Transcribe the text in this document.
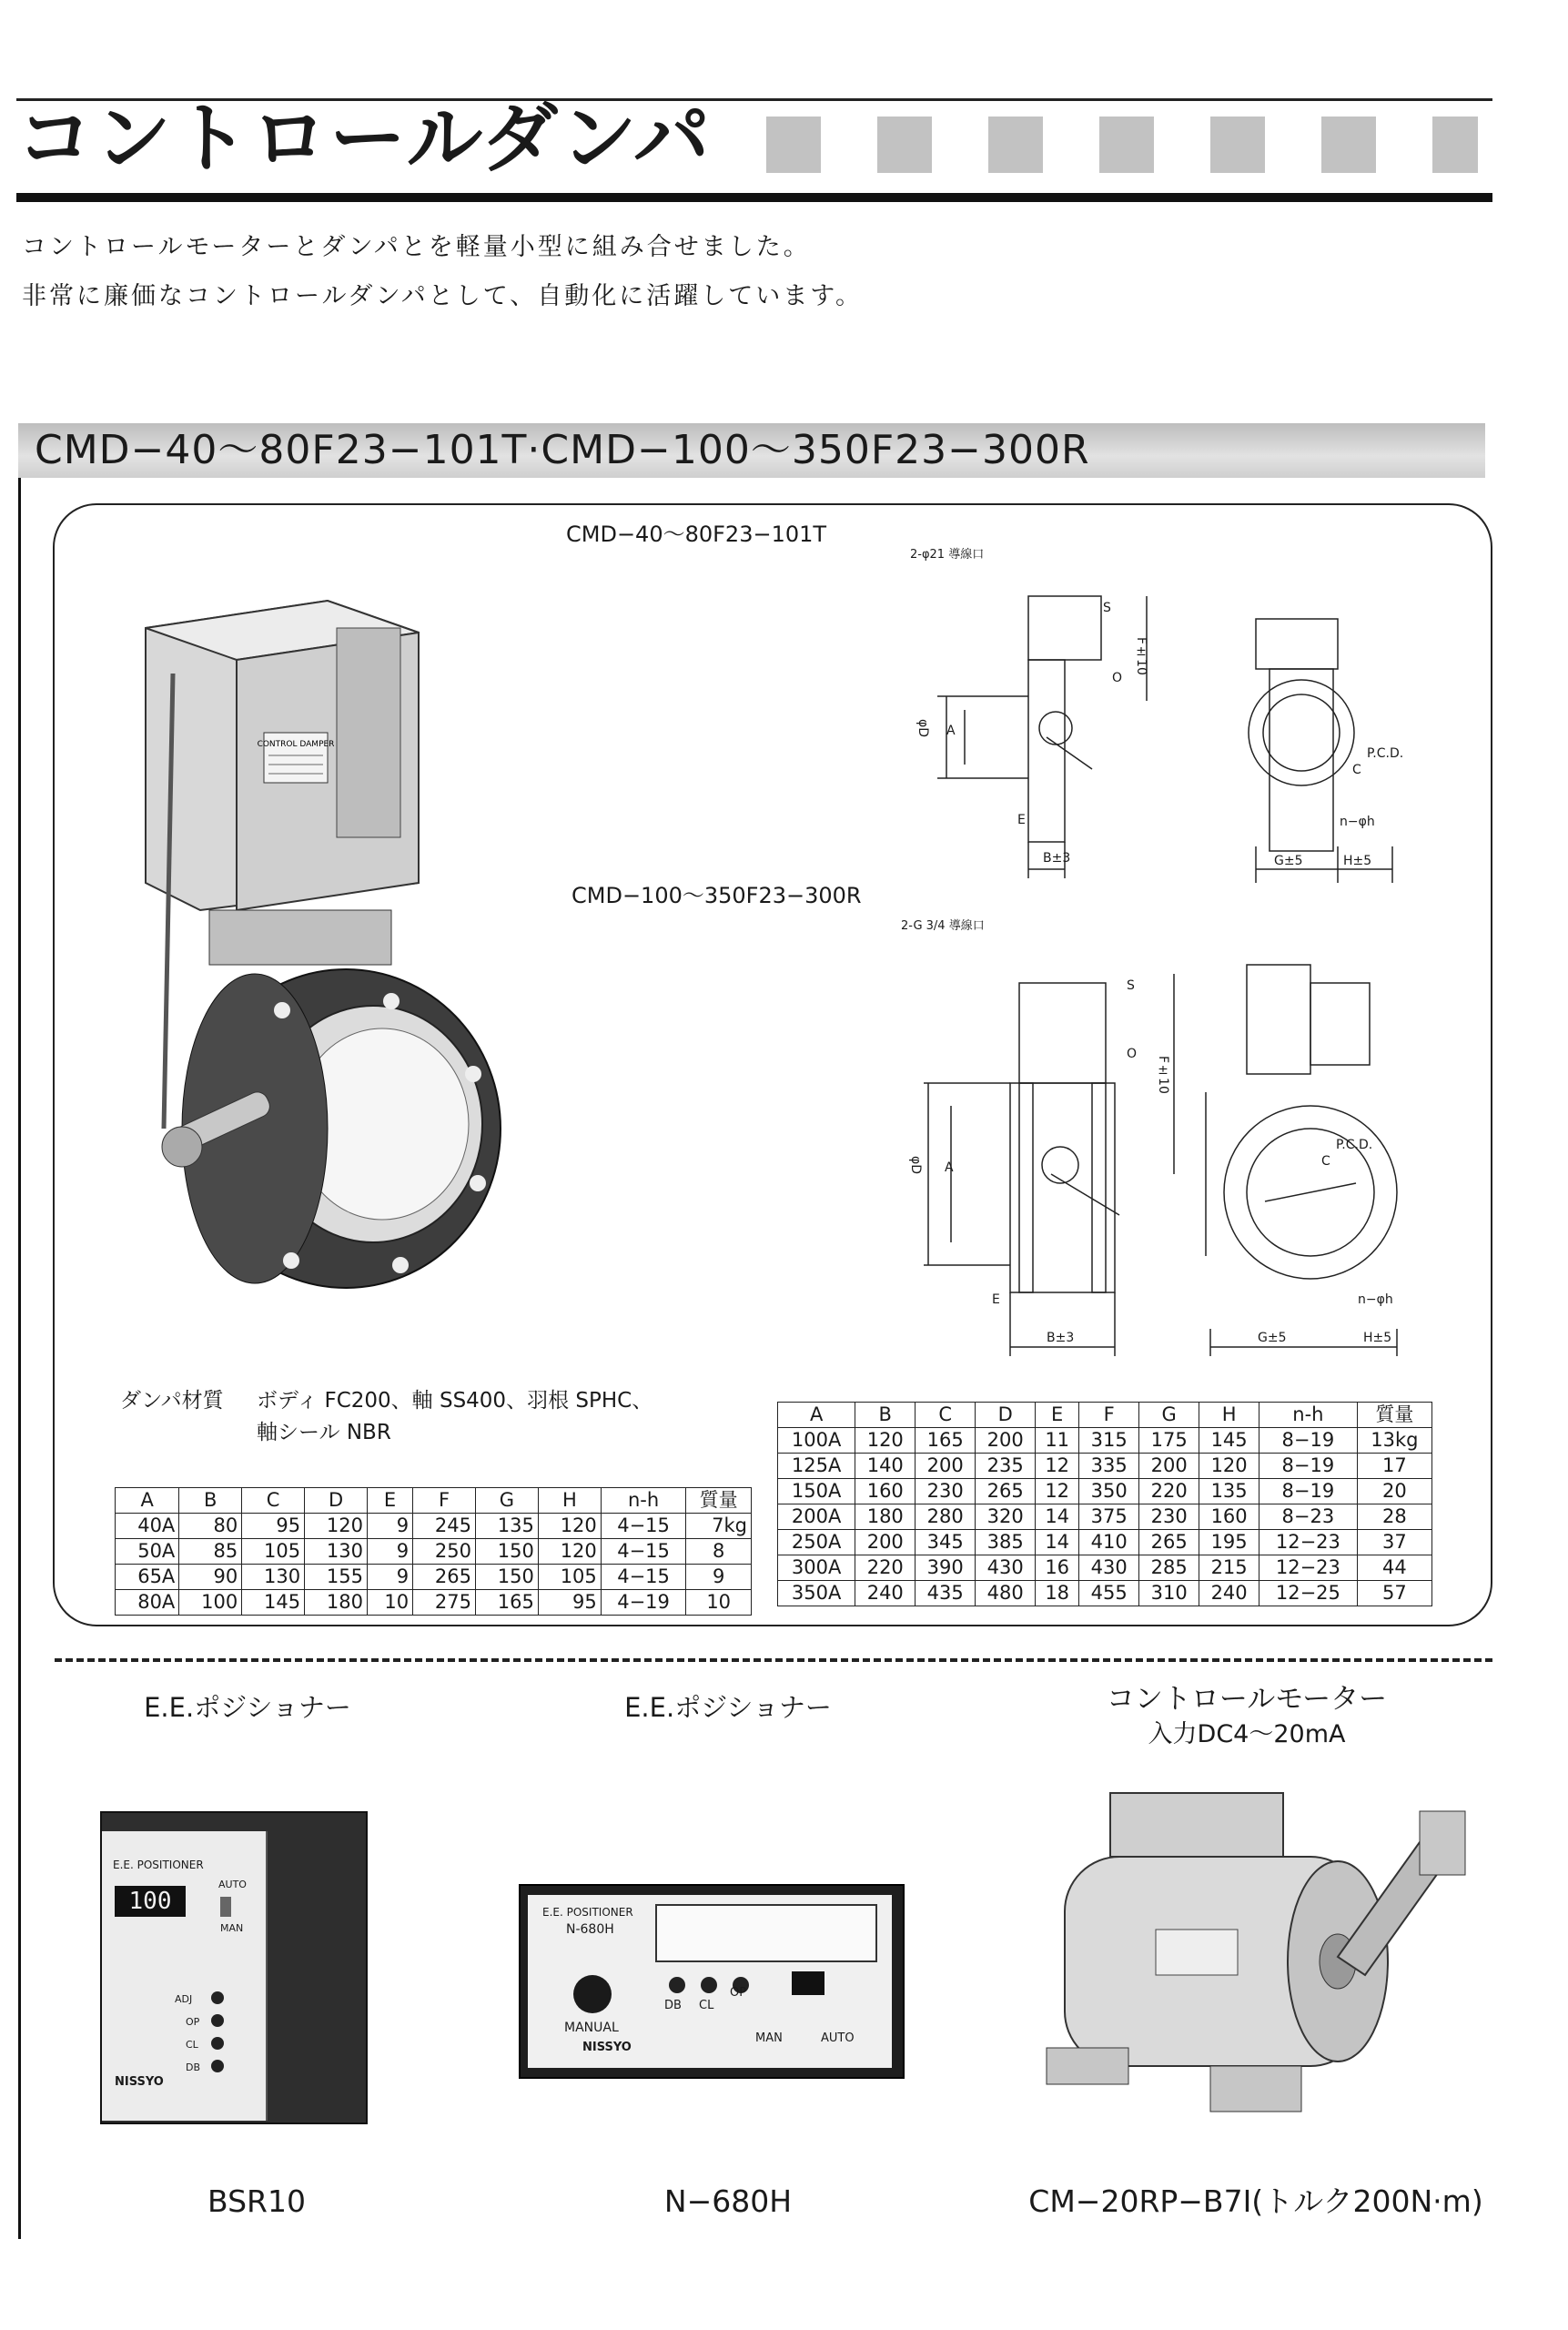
コントロールダンパ
コントロールモーターとダンパとを軽量小型に組み合せました。
非常に廉価なコントロールダンパとして、自動化に活躍しています。
CMD−40〜80F23−101T·CMD−100〜350F23−300R
CONTROL DAMPER
CMD−40〜80F23−101T
2-φ21 導線口
S
O
F±10
φD A
E
B±3	G±5	H±5
P.C.D.
C
n−φh
CMD−100〜350F23−300R
2-G 3/4 導線口
S
O
F±10
φD A
E
B±3	G±5	H±5
P.C.D.
C
n−φh
ダンパ材質 ボディ FC200、軸 SS400、羽根 SPHC、
軸シール NBR
A	B	C	D	E	F	G	H	n-h	質量
40A	80	95	120	9	245	135	120	4−15	7kg
50A	85	105	130	9	250	150	120	4−15	8
65A	90	130	155	9	265	150	105	4−15	9
80A	100	145	180	10	275	165	95	4−19	10
A	B	C	D	E	F	G	H	n-h	質量
100A	120	165	200	11	315	175	145	8−19	13kg
125A	140	200	235	12	335	200	120	8−19	17
150A	160	230	265	12	350	220	135	8−19	20
200A	180	280	320	14	375	230	160	8−23	28
250A	200	345	385	14	410	265	195	12−23	37
300A	220	390	430	16	430	285	215	12−23	44
350A	240	435	480	18	455	310	240	12−25	57
E.E.ポジショナー	E.E.ポジショナー	コントロールモーター
入力DC4〜20mA
E.E. POSITIONER
100
AUTO
MAN
ADJ
OP
CL
DB
NISSYO
BSR10
E.E. POSITIONER
N-680H
MANUAL
DB CL
OP
MAN	AUTO
NISSYO
N−680H	CM−20RP−B7I(トルク200N·m)
